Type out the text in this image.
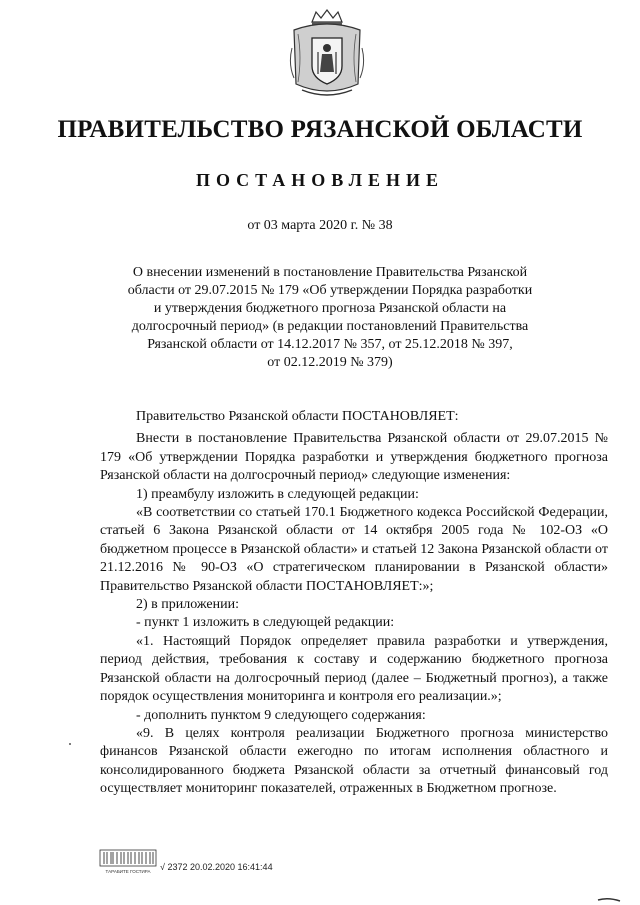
ПРАВИТЕЛЬСТВО РЯЗАНСКОЙ ОБЛАСТИ
ПОСТАНОВЛЕНИЕ
от 03 марта 2020 г. № 38
О внесении изменений в постановление Правительства Рязанской
области от 29.07.2015 № 179 «Об утверждении Порядка разработки
и утверждения бюджетного прогноза Рязанской области на
долгосрочный период» (в редакции постановлений Правительства
Рязанской области от 14.12.2017 № 357, от 25.12.2018 № 397,
от 02.12.2019 № 379)

Правительство Рязанской области ПОСТАНОВЛЯЕТ:

Внести в постановление Правительства Рязанской области от 29.07.2015 № 179 «Об утверждении Порядка разработки и утверждения бюджетного прогноза Рязанской области на долгосрочный период» следующие изменения:

1) преамбулу изложить в следующей редакции:

«В соответствии со статьей 170.1 Бюджетного кодекса Российской Федерации, статьей 6 Закона Рязанской области от 14 октября 2005 года № 102-ОЗ «О бюджетном процессе в Рязанской области» и статьей 12 Закона Рязанской области от 21.12.2016 № 90-ОЗ «О стратегическом планировании в Рязанской области» Правительство Рязанской области ПОСТАНОВЛЯЕТ:»;

2) в приложении:

- пункт 1 изложить в следующей редакции:

«1. Настоящий Порядок определяет правила разработки и утверждения, период действия, требования к составу и содержанию бюджетного прогноза Рязанской области на долгосрочный период (далее – Бюджетный прогноз), а также порядок осуществления мониторинга и контроля его реализации.»;

- дополнить пунктом 9 следующего содержания:

«9. В целях контроля реализации Бюджетного прогноза министерство финансов Рязанской области ежегодно по итогам исполнения областного и консолидированного бюджета Рязанской области за отчетный финансовый год осуществляет мониторинг показателей, отраженных в Бюджетном прогнозе.

ТАРАБИТЕ ГОСТИРА √ 2372 20.02.2020 16:41:44
